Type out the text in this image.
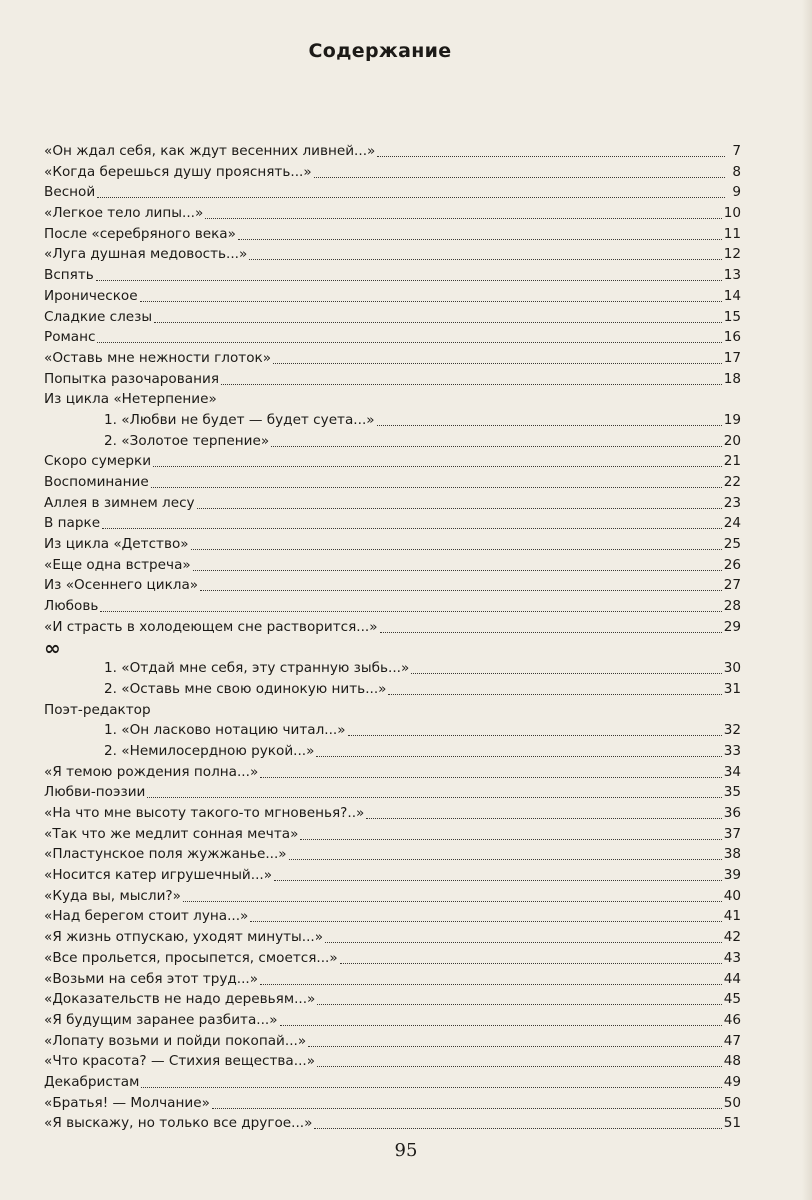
Содержание
«Он ждал себя, как ждут весенних ливней...»	7
«Когда берешься душу прояснять...»	8
Весной	9
«Легкое тело липы...»	10
После «серебряного века»	11
«Луга душная медовость...»	12
Вспять	13
Ироническое	14
Сладкие слезы	15
Романс	16
«Оставь мне нежности глоток»	17
Попытка разочарования	18
Из цикла «Нетерпение»
1. «Любви не будет — будет суета...»	19
2. «Золотое терпение»	20
Скоро сумерки	21
Воспоминание	22
Аллея в зимнем лесу	23
В парке	24
Из цикла «Детство»	25
«Еще одна встреча»	26
Из «Осеннего цикла»	27
Любовь	28
«И страсть в холодеющем сне растворится...»	29
∞
1. «Отдай мне себя, эту странную зыбь...»	30
2. «Оставь мне свою одинокую нить...»	31
Поэт-редактор
1. «Он ласково нотацию читал...»	32
2. «Немилосердною рукой...»	33
«Я темою рождения полна...»	34
Любви-поэзии	35
«На что мне высоту такого-то мгновенья?..»	36
«Так что же медлит сонная мечта»	37
«Пластунское поля жужжанье...»	38
«Носится катер игрушечный...»	39
«Куда вы, мысли?»	40
«Над берегом стоит луна...»	41
«Я жизнь отпускаю, уходят минуты...»	42
«Все прольется, просыпется, смоется...»	43
«Возьми на себя этот труд...»	44
«Доказательств не надо деревьям...»	45
«Я будущим заранее разбита...»	46
«Лопату возьми и пойди покопай...»	47
«Что красота? — Стихия вещества...»	48
Декабристам	49
«Братья! — Молчание»	50
«Я выскажу, но только все другое...»	51
95
